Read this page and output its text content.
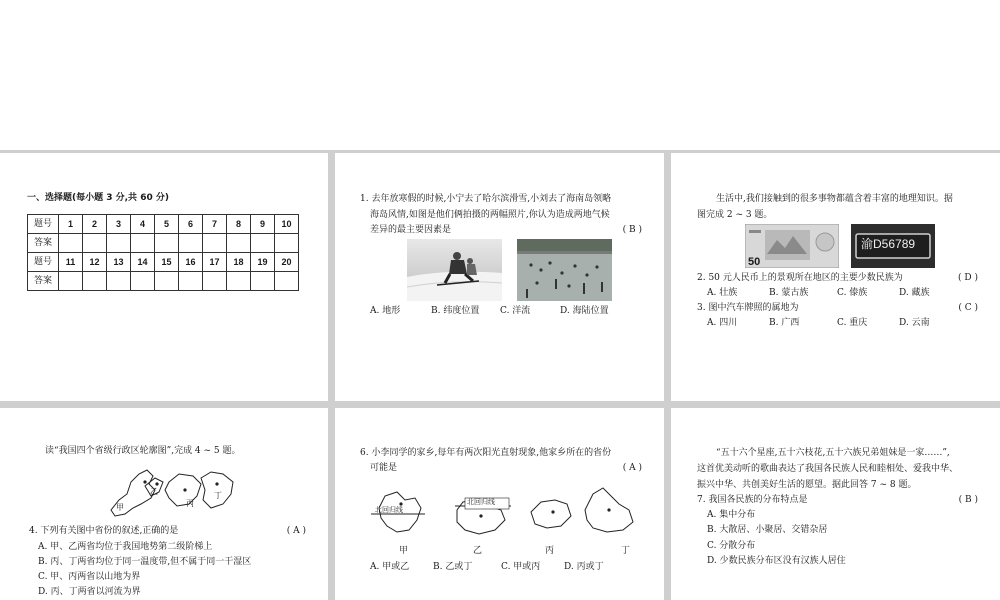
一、选择题(每小题 3 分,共 60 分)
题号	1	2	3	4	5	6	7	8	9	10
答案										
题号	11	12	13	14	15	16	17	18	19	20
答案										
1. 去年放寒假的时候,小宁去了哈尔滨滑雪,小刘去了海南岛领略
海岛风情,如图是他们俩拍摄的两幅照片,你认为造成两地气候
差异的最主要因素是	( B )
A. 地形	B. 纬度位置 C. 洋流	D. 海陆位置
生活中,我们接触到的很多事物都蕴含着丰富的地理知识。据
图完成 2 ~ 3 题。
50
渝D56789
2. 50 元人民币上的景观所在地区的主要少数民族为	( D )
A. 壮族	B. 蒙古族	C. 傣族	D. 藏族
3. 图中汽车牌照的属地为	( C )
A. 四川	B. 广西	C. 重庆	D. 云南
读“我国四个省级行政区轮廓图”,完成 4 ~ 5 题。
甲
乙
丙
丁
4. 下列有关图中省份的叙述,正确的是	( A )
A. 甲、乙两省均位于我国地势第二级阶梯上
B. 丙、丁两省均位于同一温度带,但不属于同一干湿区
C. 甲、丙两省以山地为界
D. 丙、丁两省以河流为界
6. 小李同学的家乡,每年有两次阳光直射现象,他家乡所在的省份
可能是	( A )
北回归线
北回归线
甲	乙	丙	丁
A. 甲或乙	B. 乙或丁	C. 甲或丙	D. 丙或丁
“五十六个星座,五十六枝花,五十六族兄弟姐妹是一家……”,
这首优美动听的歌曲表达了我国各民族人民和睦相处、爱我中华、
振兴中华、共创美好生活的愿望。据此回答 7 ~ 8 题。
7. 我国各民族的分布特点是	( B )
A. 集中分布
B. 大散居、小聚居、交错杂居
C. 分散分布
D. 少数民族分布区没有汉族人居住
